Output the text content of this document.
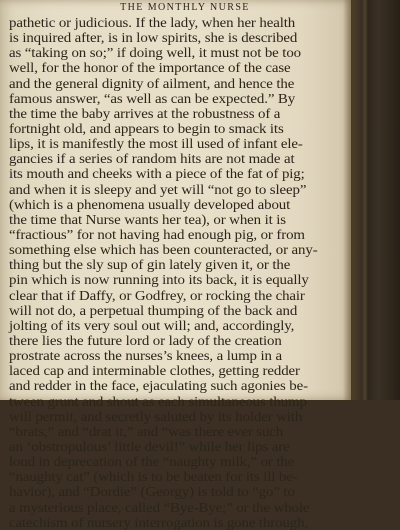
THE MONTHLY NURSE
pathetic or judicious. If the lady, when her health
is inquired after, is in low spirits, she is described
as “taking on so;” if doing well, it must not be too
well, for the honor of the importance of the case
and the general dignity of ailment, and hence the
famous answer, “as well as can be expected.” By
the time the baby arrives at the robustness of a
fortnight old, and appears to begin to smack its
lips, it is manifestly the most ill used of infant ele-
gancies if a series of random hits are not made at
its mouth and cheeks with a piece of the fat of pig;
and when it is sleepy and yet will “not go to sleep”
(which is a phenomena usually developed about
the time that Nurse wants her tea), or when it is
“fractious” for not having had enough pig, or from
something else which has been counteracted, or any-
thing but the sly sup of gin lately given it, or the
pin which is now running into its back, it is equally
clear that if Daffy, or Godfrey, or rocking the chair
will not do, a perpetual thumping of the back and
jolting of its very soul out will; and, accordingly,
there lies the future lord or lady of the creation
prostrate across the nurses’s knees, a lump in a
laced cap and interminable clothes, getting redder
and redder in the face, ejaculating such agonies be-
tween grunt and shout as each simultaneous thump
will permit, and secretly saluted by its holder with
“brats,” and “drat it,” and “was there ever such
an ‘obstropulous’ little devil!” while her lips are
loud in deprecation of the “naughty milk,” or the
“naughty cat” (which is to be beaten for its ill be-
havior), and “Dordie” (Georgy) is told to “go” to
a mysterious place, called “Bye-Bye;” or the whole
catechism of nursery interrogation is gone through,
